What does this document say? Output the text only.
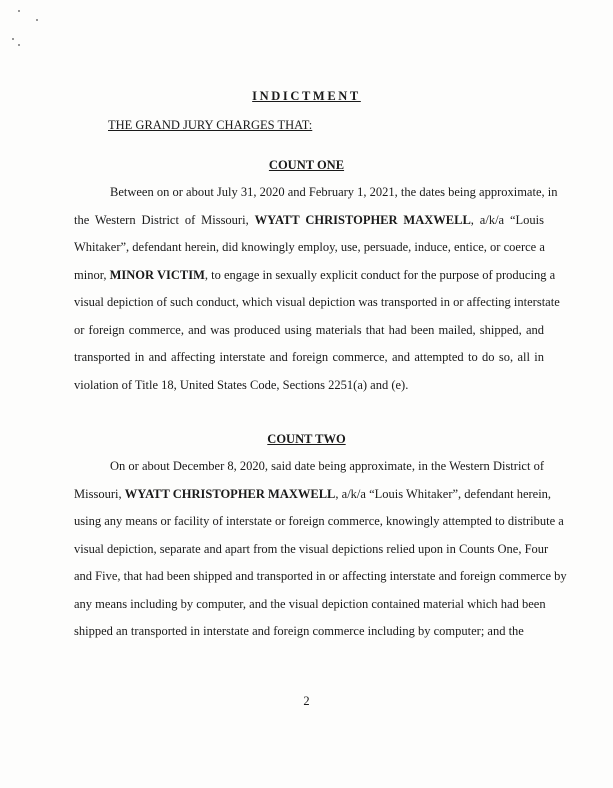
INDICTMENT
THE GRAND JURY CHARGES THAT:
COUNT ONE
Between on or about July 31, 2020 and February 1, 2021, the dates being approximate, in
the Western District of Missouri, WYATT CHRISTOPHER MAXWELL, a/k/a “Louis
Whitaker”, defendant herein, did knowingly employ, use, persuade, induce, entice, or coerce a
minor, MINOR VICTIM, to engage in sexually explicit conduct for the purpose of producing a
visual depiction of such conduct, which visual depiction was transported in or affecting interstate
or foreign commerce, and was produced using materials that had been mailed, shipped, and
transported in and affecting interstate and foreign commerce, and attempted to do so, all in
violation of Title 18, United States Code, Sections 2251(a) and (e).
COUNT TWO
On or about December 8, 2020, said date being approximate, in the Western District of
Missouri, WYATT CHRISTOPHER MAXWELL, a/k/a “Louis Whitaker”, defendant herein,
using any means or facility of interstate or foreign commerce, knowingly attempted to distribute a
visual depiction, separate and apart from the visual depictions relied upon in Counts One, Four
and Five, that had been shipped and transported in or affecting interstate and foreign commerce by
any means including by computer, and the visual depiction contained material which had been
shipped an transported in interstate and foreign commerce including by computer; and the
2
